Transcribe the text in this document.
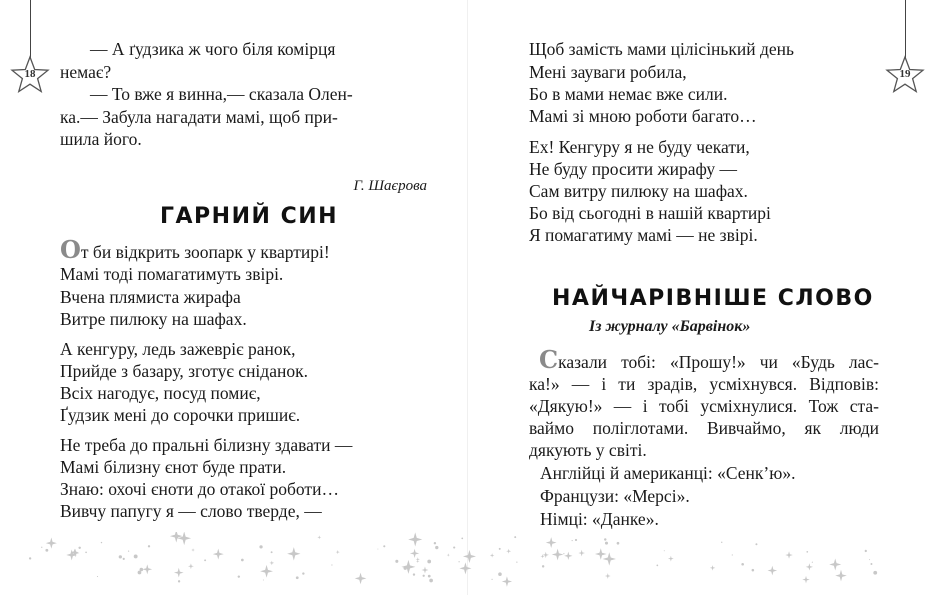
18
— А ґудзика ж чого біля комірця
немає?
— То вже я винна,— сказала Олен-
ка.— Забула нагадати мамі, щоб при-
шила його.
Г. Шаєрова
ГАРНИЙ СИН
От би відкрить зоопарк у квартирі!
Мамі тоді помагатимуть звірі.
Вчена плямиста жирафа
Витре пилюку на шафах.
А кенгуру, ледь зажевріє ранок,
Прийде з базару, зготує сніданок.
Всіх нагодує, посуд помиє,
Ґудзик мені до сорочки пришиє.
Не треба до пральні білизну здавати —
Мамі білизну єнот буде прати.
Знаю: охочі єноти до отакої роботи…
Вивчу папугу я — слово тверде, —
19
Щоб замість мами цілісінький день
Мені зауваги робила,
Бо в мами немає вже сили.
Мамі зі мною роботи багато…
Ех! Кенгуру я не буду чекати,
Не буду просити жирафу —
Сам витру пилюку на шафах.
Бо від сьогодні в нашій квартирі
Я помагатиму мамі — не звірі.
НАЙЧАРІВНІШЕ СЛОВО
Із журналу «Барвінок»
Сказали тобі: «Прошу!» чи «Будь лас-
ка!» — і ти зрадів, усміхнувся. Відповів:
«Дякую!» — і тобі усміхнулися. Тож ста-
ваймо поліглотами. Вивчаймо, як люди
дякують у світі.
Англійці й американці: «Сенк’ю».
Французи: «Мерсі».
Німці: «Данке».
